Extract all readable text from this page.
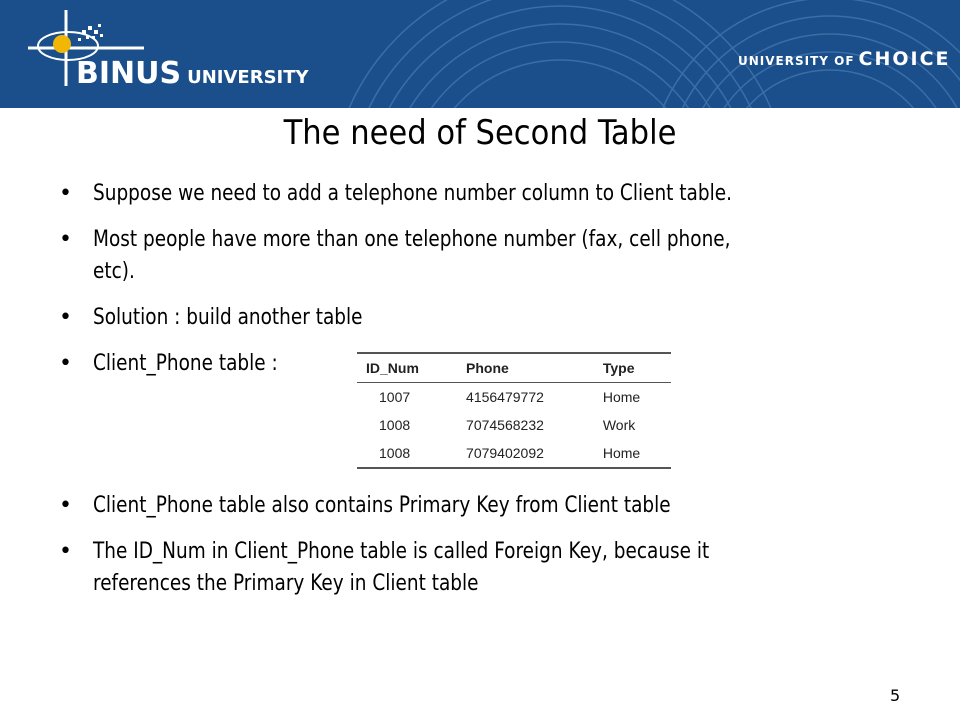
BINUS UNIVERSITY
UNIVERSITY OF CHOICE
The need of Second Table
• Suppose we need to add a telephone number column to Client table.
• Most people have more than one telephone number (fax, cell phone,
etc).
• Solution : build another table
• Client_Phone table :
• Client_Phone table also contains Primary Key from Client table
• The ID_Num in Client_Phone table is called Foreign Key, because it
references the Primary Key in Client table
ID_Num	Phone	Type
1007	4156479772	Home
1008	7074568232	Work
1008	7079402092	Home
5
